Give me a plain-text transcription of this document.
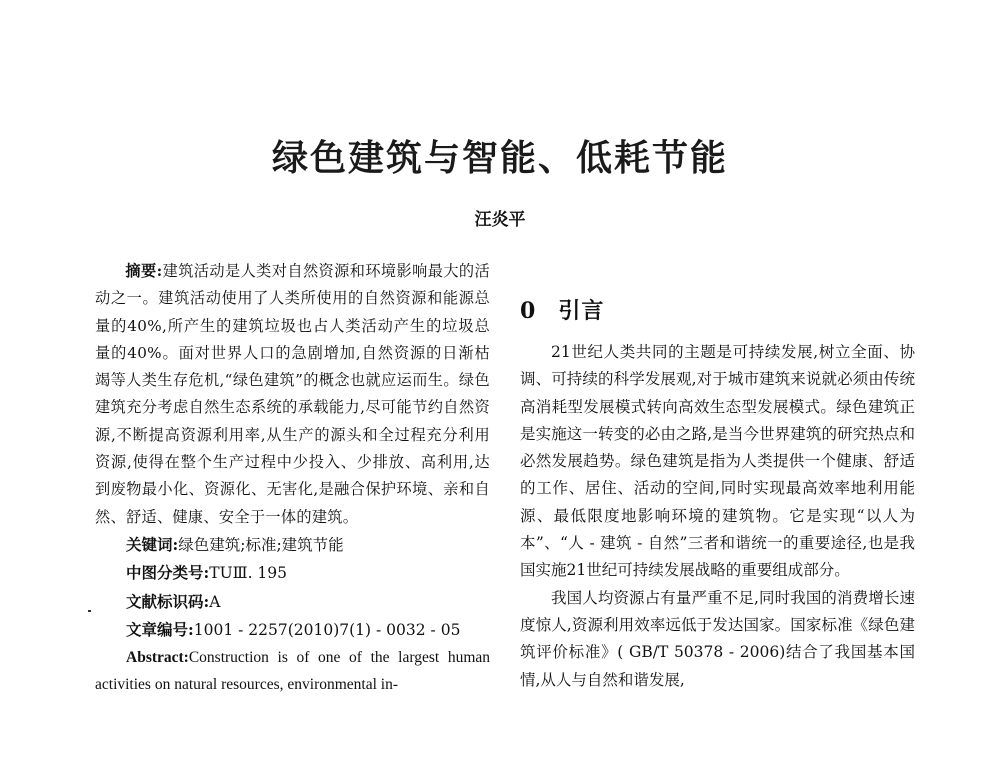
绿色建筑与智能、低耗节能
汪炎平

摘要:建筑活动是人类对自然资源和环境影响最大的活动之一。建筑活动使用了人类所使用的自然资源和能源总量的40%,所产生的建筑垃圾也占人类活动产生的垃圾总量的40%。面对世界人口的急剧增加,自然资源的日渐枯竭等人类生存危机,“绿色建筑”的概念也就应运而生。绿色建筑充分考虑自然生态系统的承载能力,尽可能节约自然资源,不断提高资源利用率,从生产的源头和全过程充分利用资源,使得在整个生产过程中少投入、少排放、高利用,达到废物最小化、资源化、无害化,是融合保护环境、亲和自然、舒适、健康、安全于一体的建筑。

关键词:绿色建筑;标准;建筑节能

中图分类号:TUⅢ. 195

文献标识码:A

文章编号:1001 - 2257(2010)7(1) - 0032 - 05

Abstract:Construction is of one of the largest human activities on natural resources, environmental in-

0 引言

21世纪人类共同的主题是可持续发展,树立全面、协调、可持续的科学发展观,对于城市建筑来说就必须由传统高消耗型发展模式转向高效生态型发展模式。绿色建筑正是实施这一转变的必由之路,是当今世界建筑的研究热点和必然发展趋势。绿色建筑是指为人类提供一个健康、舒适的工作、居住、活动的空间,同时实现最高效率地利用能源、最低限度地影响环境的建筑物。它是实现“以人为本”、“人 - 建筑 - 自然”三者和谐统一的重要途径,也是我国实施21世纪可持续发展战略的重要组成部分。

我国人均资源占有量严重不足,同时我国的消费增长速度惊人,资源利用效率远低于发达国家。国家标准《绿色建筑评价标准》( GB/T 50378 - 2006)结合了我国基本国情,从人与自然和谐发展,
